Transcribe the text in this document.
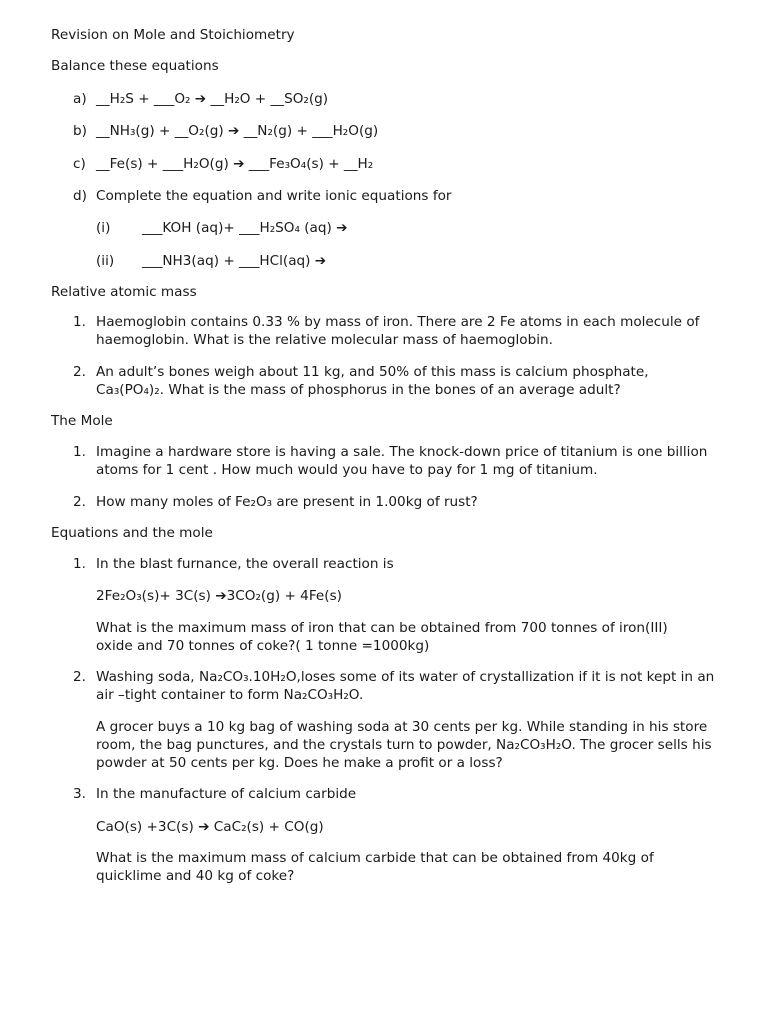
Revision on Mole and Stoichiometry
Balance these equations
a) __H₂S + ___O₂ ➔ __H₂O + __SO₂(g)
b) __NH₃(g) + __O₂(g) ➔ __N₂(g) + ___H₂O(g)
c) __Fe(s) + ___H₂O(g) ➔ ___Fe₃O₄(s) + __H₂
d) Complete the equation and write ionic equations for
(i) ___KOH (aq)+ ___H₂SO₄ (aq) ➔
(ii) ___NH3(aq) + ___HCl(aq) ➔
Relative atomic mass
1. Haemoglobin contains 0.33 % by mass of iron. There are 2 Fe atoms in each molecule of haemoglobin. What is the relative molecular mass of haemoglobin.
2. An adult’s bones weigh about 11 kg, and 50% of this mass is calcium phosphate, Ca₃(PO₄)₂. What is the mass of phosphorus in the bones of an average adult?
The Mole
1. Imagine a hardware store is having a sale. The knock-down price of titanium is one billion atoms for 1 cent . How much would you have to pay for 1 mg of titanium.
2. How many moles of Fe₂O₃ are present in 1.00kg of rust?
Equations and the mole
1. In the blast furnance, the overall reaction is
2Fe₂O₃(s)+ 3C(s) ➔3CO₂(g) + 4Fe(s)
What is the maximum mass of iron that can be obtained from 700 tonnes of iron(III) oxide and 70 tonnes of coke?( 1 tonne =1000kg)
2. Washing soda, Na₂CO₃.10H₂O,loses some of its water of crystallization if it is not kept in an air –tight container to form Na₂CO₃H₂O.
A grocer buys a 10 kg bag of washing soda at 30 cents per kg. While standing in his store room, the bag punctures, and the crystals turn to powder, Na₂CO₃H₂O. The grocer sells his powder at 50 cents per kg. Does he make a profit or a loss?
3. In the manufacture of calcium carbide
CaO(s) +3C(s) ➔ CaC₂(s) + CO(g)
What is the maximum mass of calcium carbide that can be obtained from 40kg of quicklime and 40 kg of coke?
